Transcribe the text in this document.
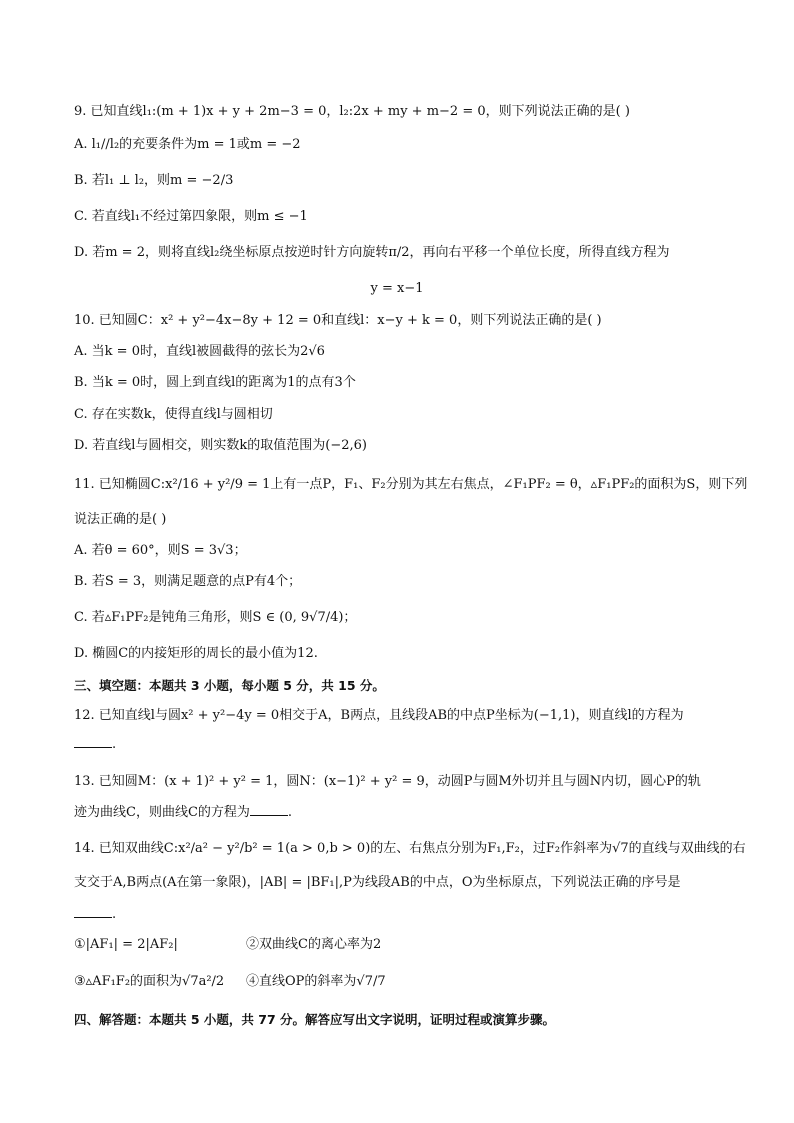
9. 已知直线l₁:(m + 1)x + y + 2m−3 = 0，l₂:2x + my + m−2 = 0，则下列说法正确的是( )
A. l₁//l₂的充要条件为m = 1或m = −2
B. 若l₁ ⊥ l₂，则m = −2/3
C. 若直线l₁不经过第四象限，则m ≤ −1
D. 若m = 2，则将直线l₂绕坐标原点按逆时针方向旋转π/2，再向右平移一个单位长度，所得直线方程为
y = x−1
10. 已知圆C：x² + y²−4x−8y + 12 = 0和直线l：x−y + k = 0，则下列说法正确的是( )
A. 当k = 0时，直线l被圆截得的弦长为2√6
B. 当k = 0时，圆上到直线l的距离为1的点有3个
C. 存在实数k，使得直线l与圆相切
D. 若直线l与圆相交，则实数k的取值范围为(−2,6)
11. 已知椭圆C:x²/16 + y²/9 = 1上有一点P，F₁、F₂分别为其左右焦点，∠F₁PF₂ = θ，▵F₁PF₂的面积为S，则下列
说法正确的是( )
A. 若θ = 60°，则S = 3√3；
B. 若S = 3，则满足题意的点P有4个；
C. 若▵F₁PF₂是钝角三角形，则S ∈ (0, 9√7/4)；
D. 椭圆C的内接矩形的周长的最小值为12.
三、填空题：本题共 3 小题，每小题 5 分，共 15 分。
12. 已知直线l与圆x² + y²−4y = 0相交于A，B两点，且线段AB的中点P坐标为(−1,1)，则直线l的方程为
.
13. 已知圆M：(x + 1)² + y² = 1，圆N：(x−1)² + y² = 9，动圆P与圆M外切并且与圆N内切，圆心P的轨
迹为曲线C，则曲线C的方程为	.
14. 已知双曲线C:x²/a² − y²/b² = 1(a > 0,b > 0)的左、右焦点分别为F₁,F₂，过F₂作斜率为√7的直线与双曲线的右
支交于A,B两点(A在第一象限)，|AB| = |BF₁|,P为线段AB的中点，O为坐标原点，下列说法正确的序号是
.
①|AF₁| = 2|AF₂|	②双曲线C的离心率为2
③▵AF₁F₂的面积为√7a²/2 ④直线OP的斜率为√7/7
四、解答题：本题共 5 小题，共 77 分。解答应写出文字说明，证明过程或演算步骤。
